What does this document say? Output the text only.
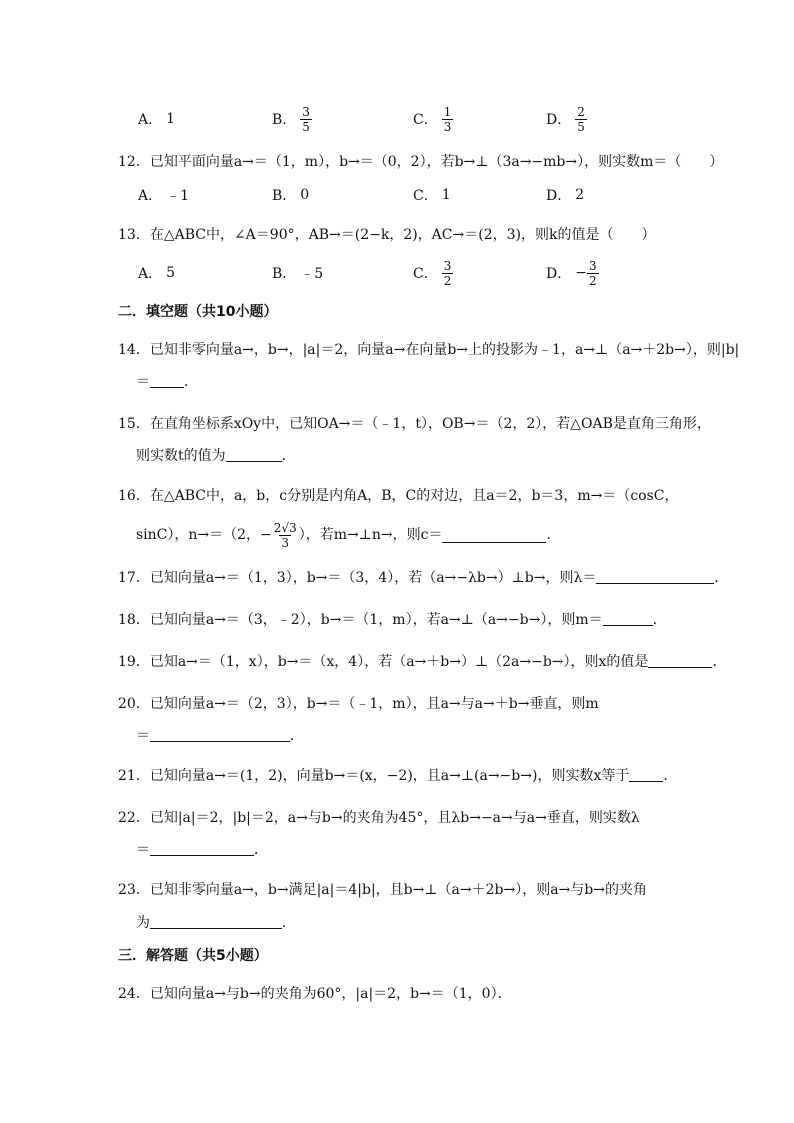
A． 1	B． $\frac{3}{5}$	C． $\frac{1}{3}$	D． $\frac{2}{5}$
12．已知平面向量a→＝（1，m），b→＝（0，2），若b→⊥（3a→−mb→），则实数m＝（　　）
A． ﹣1	B． 0	C． 1	D． 2
13．在△ABC中，∠A＝90°，AB→＝(2−k，2)，AC→＝(2，3)，则k的值是（　　）
A． 5	B． ﹣5	C． $\frac{3}{2}$	D． − $\frac{3}{2}$
二．填空题（共10小题）
14．已知非零向量a→，b→，|a|＝2，向量a→在向量b→上的投影为﹣1，a→⊥（a→＋2b→），则|b|
＝ ．
15．在直角坐标系xOy中，已知OA→＝（﹣1，t），OB→＝（2，2），若△OAB是直角三角形，
则实数t的值为	．
16．在△ABC中，a，b，c分别是内角A，B，C的对边，且a＝2，b＝3，m→＝（cosC，
sinC），n→＝（2，− $\frac{2√3}{3}$ ），若m→⊥n→，则c＝	．
17．已知向量a→＝（1，3），b→＝（3，4），若（a→−λb→）⊥b→，则λ＝	．
18．已知向量a→＝（3，﹣2），b→＝（1，m），若a→⊥（a→−b→），则m＝	．
19．已知a→＝（1，x），b→＝（x，4），若（a→＋b→）⊥（2a→−b→），则x的值是	．
20．已知向量a→＝（2，3），b→＝（﹣1，m），且a→与a→＋b→垂直，则m
＝	．
21．已知向量a→＝(1，2)，向量b→＝(x，−2)，且a→⊥(a→−b→)，则实数x等于 ．
22．已知|a|＝2，|b|＝2，a→与b→的夹角为45°，且λb→−a→与a→垂直，则实数λ
＝	．
23．已知非零向量a→，b→满足|a|＝4|b|，且b→⊥（a→＋2b→），则a→与b→的夹角
为	．
三．解答题（共5小题）
24．已知向量a→与b→的夹角为60°，|a|＝2，b→＝（1，0）．
